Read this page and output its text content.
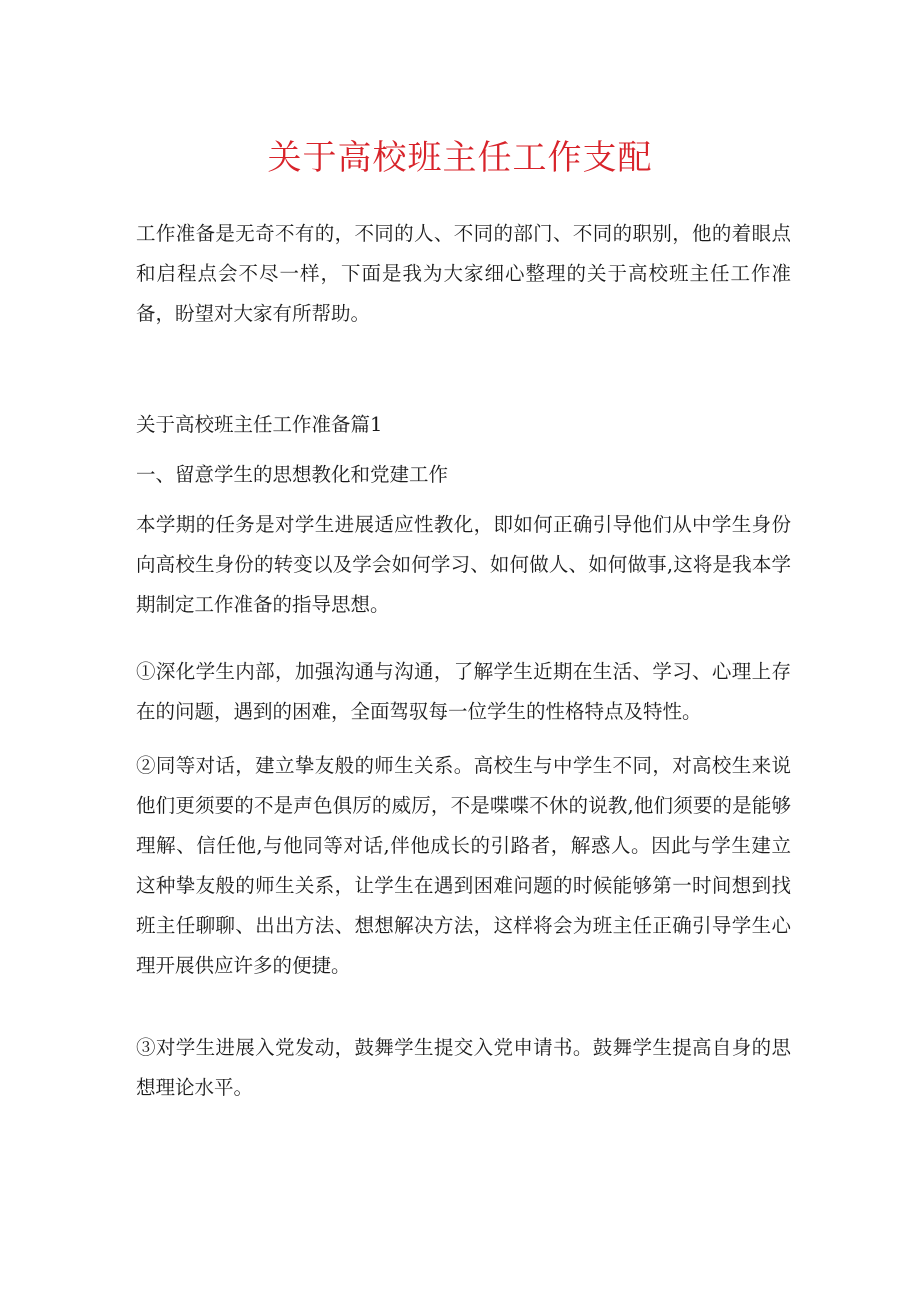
关于高校班主任工作支配

工作准备是无奇不有的，不同的人、不同的部门、不同的职别，他的着眼点和启程点会不尽一样，下面是我为大家细心整理的关于高校班主任工作准备，盼望对大家有所帮助。

关于高校班主任工作准备篇1

一、留意学生的思想教化和党建工作

本学期的任务是对学生进展适应性教化，即如何正确引导他们从中学生身份向高校生身份的转变以及学会如何学习、如何做人、如何做事,这将是我本学期制定工作准备的指导思想。

①深化学生内部，加强沟通与沟通，了解学生近期在生活、学习、心理上存在的问题，遇到的困难，全面驾驭每一位学生的性格特点及特性。

②同等对话，建立挚友般的师生关系。高校生与中学生不同，对高校生来说他们更须要的不是声色俱厉的威厉，不是喋喋不休的说教,他们须要的是能够理解、信任他,与他同等对话,伴他成长的引路者，解惑人。因此与学生建立这种挚友般的师生关系，让学生在遇到困难问题的时候能够第一时间想到找班主任聊聊、出出方法、想想解决方法，这样将会为班主任正确引导学生心理开展供应许多的便捷。

③对学生进展入党发动，鼓舞学生提交入党申请书。鼓舞学生提高自身的思想理论水平。
